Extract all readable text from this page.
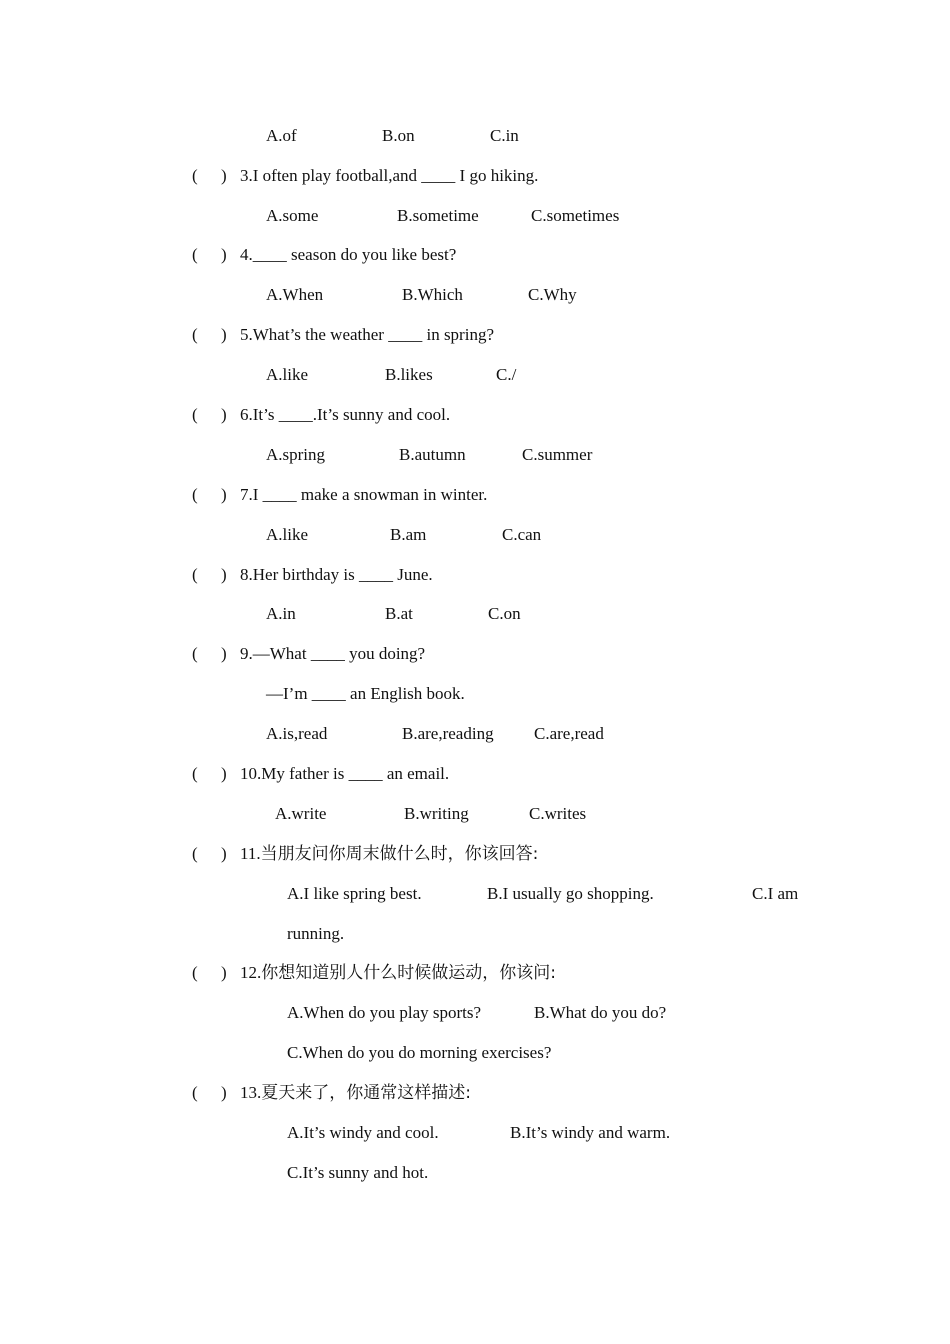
A.of	B.on	C.in
( ) 3.I often play football,and ____ I go hiking.
A.some	B.sometime	C.sometimes
( ) 4.____ season do you like best?
A.When	B.Which	C.Why
( ) 5.What’s the weather ____ in spring?
A.like	B.likes	C./
( ) 6.It’s ____.It’s sunny and cool.
A.spring	B.autumn	C.summer
( ) 7.I ____ make a snowman in winter.
A.like	B.am	C.can
( ) 8.Her birthday is ____ June.
A.in	B.at	C.on
( ) 9.—What ____ you doing?
—I’m ____ an English book.
A.is,read	B.are,reading C.are,read
( ) 10.My father is ____ an email.
A.write	B.writing	C.writes
( ) 11.当朋友问你周末做什么时，你该回答:
A.I like spring best.	B.I usually go shopping.	C.I am
running.
( ) 12.你想知道别人什么时候做运动，你该问:
A.When do you play sports?	B.What do you do?
C.When do you do morning exercises?
( ) 13.夏天来了，你通常这样描述:
A.It’s windy and cool.	B.It’s windy and warm.
C.It’s sunny and hot.
